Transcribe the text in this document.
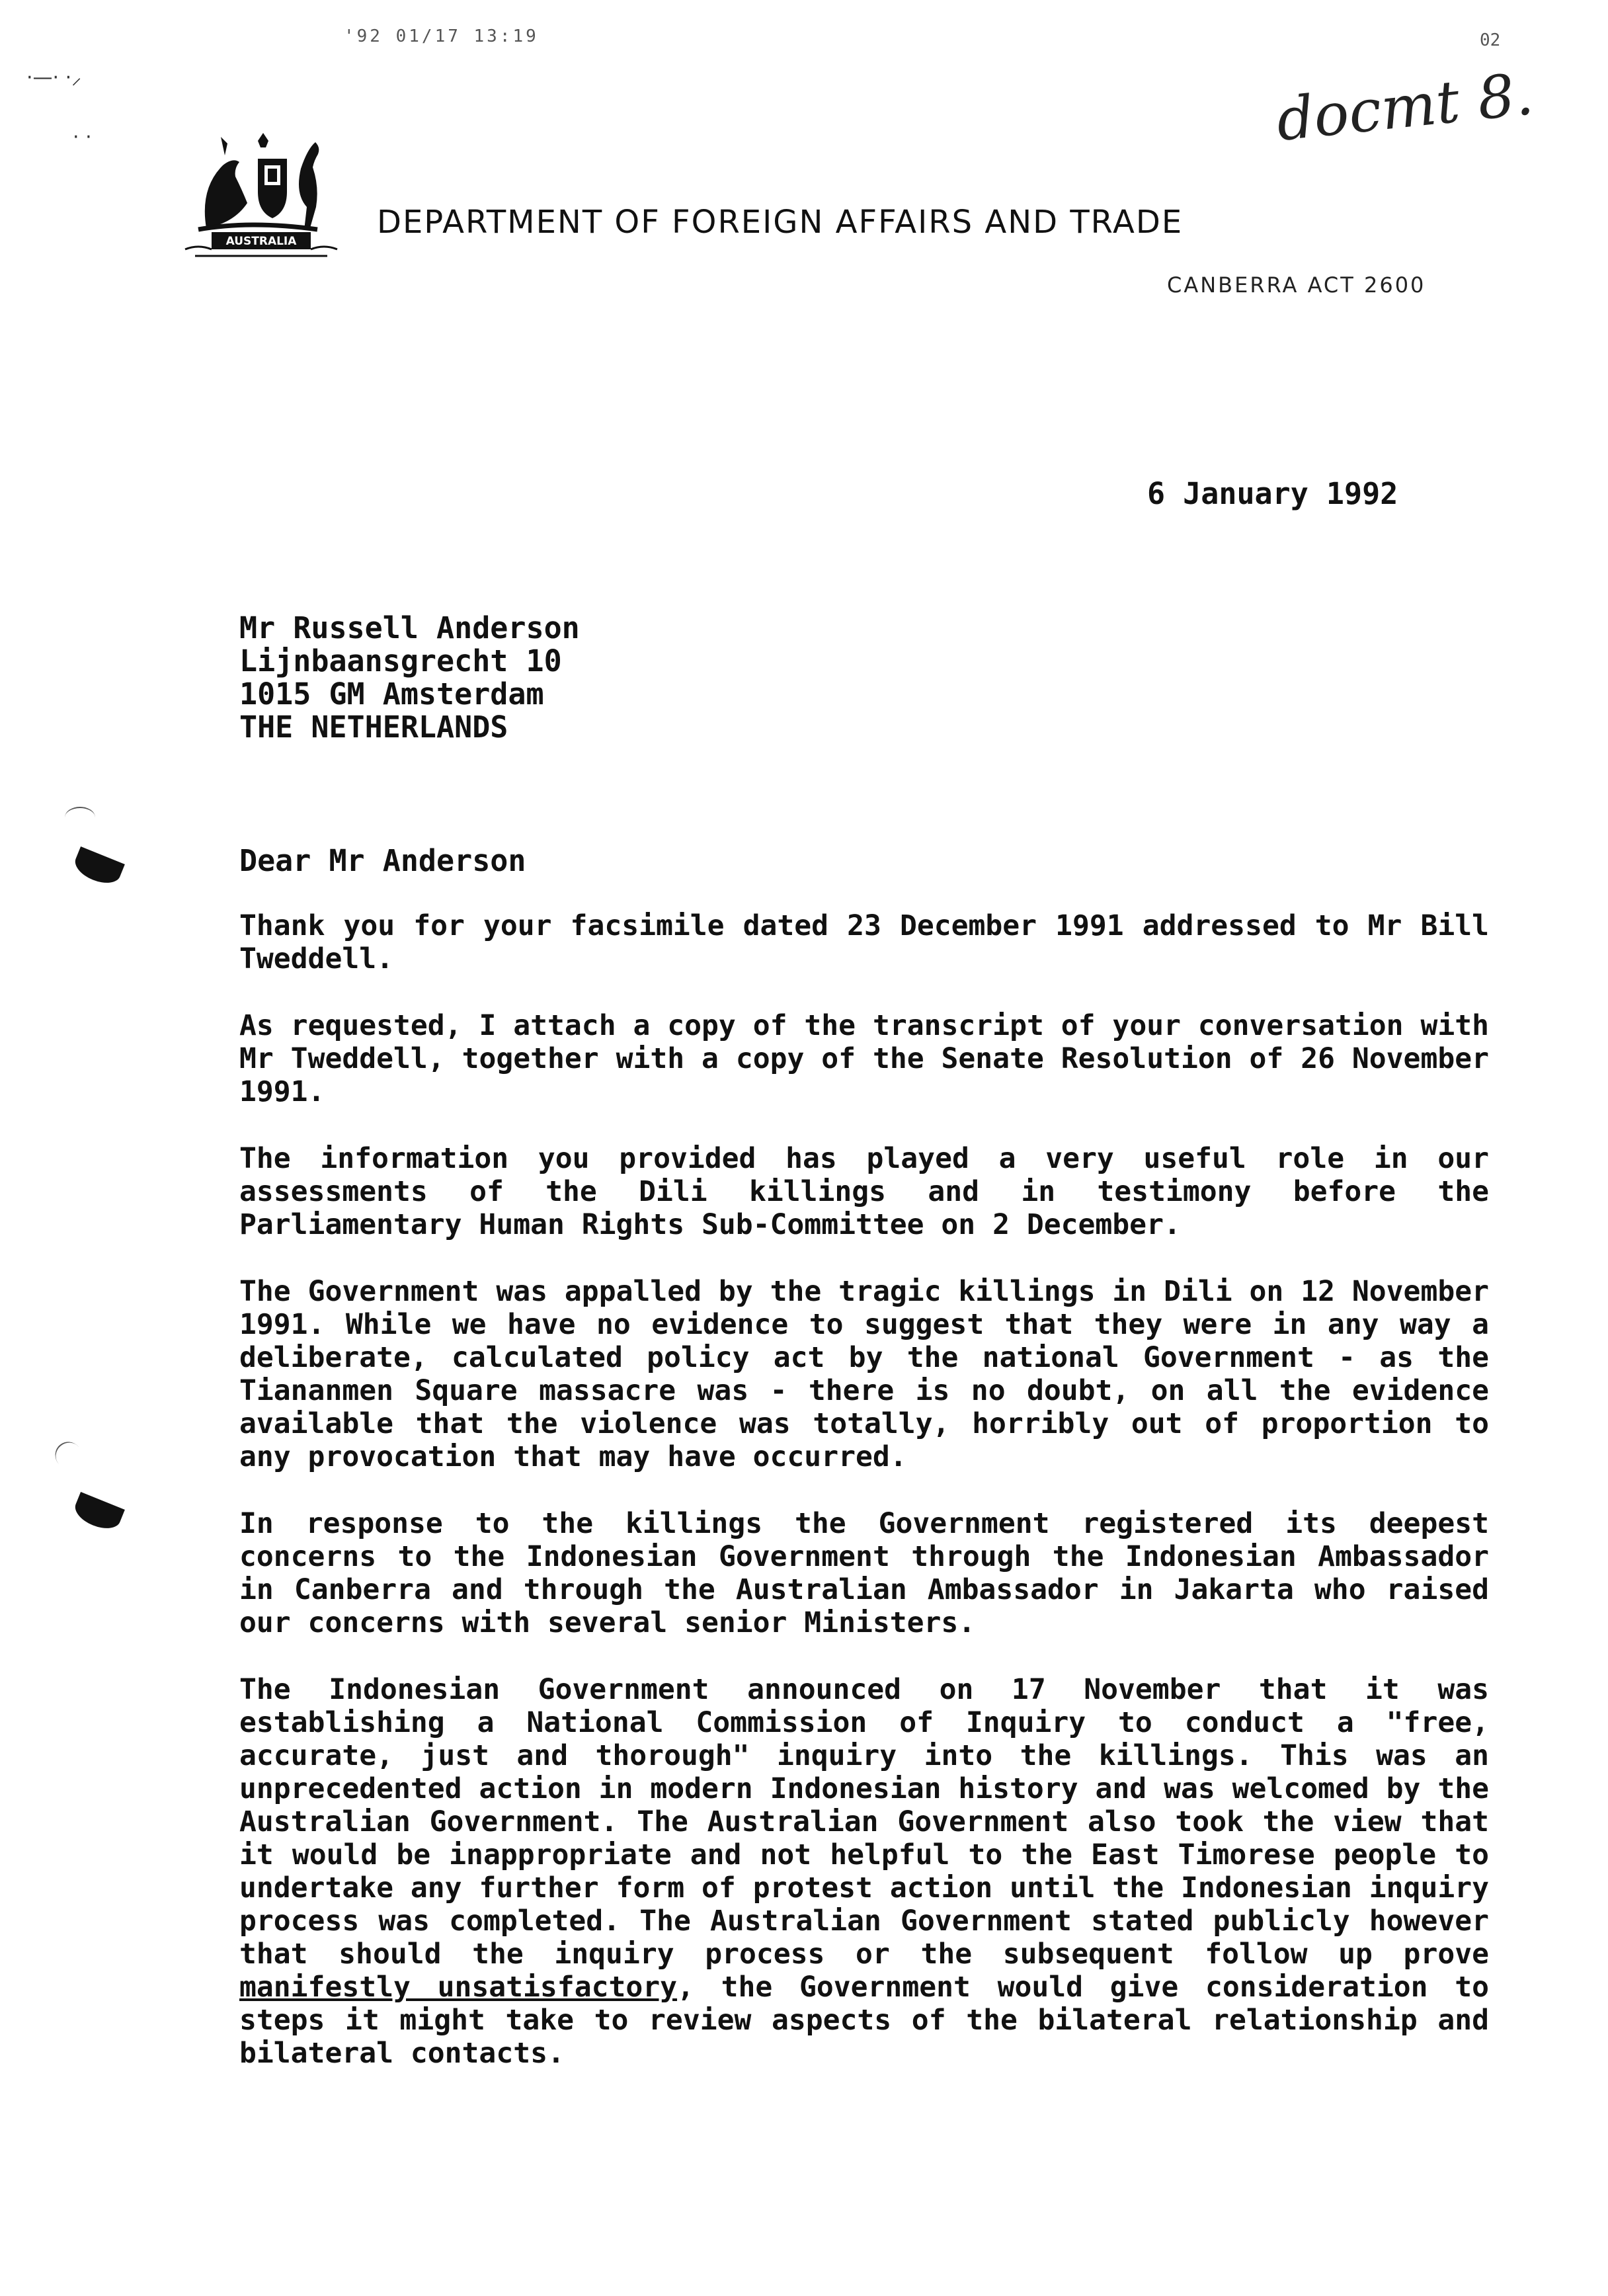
'92 01/17 13:19	02
docmt 8.
·—· ·⸝
· ·
AUSTRALIA
DEPARTMENT OF FOREIGN AFFAIRS AND TRADE
CANBERRA ACT 2600
6 January 1992
Mr Russell Anderson
Lijnbaansgrecht 10
1015 GM Amsterdam
THE NETHERLANDS
Dear Mr Anderson

Thank you for your facsimile dated 23 December 1991 addressed to Mr Bill Tweddell.

As requested, I attach a copy of the transcript of your conversation with Mr Tweddell, together with a copy of the Senate Resolution of 26 November 1991.

The information you provided has played a very useful role in our assessments of the Dili killings and in testimony before the Parliamentary Human Rights Sub-Committee on 2 December.

The Government was appalled by the tragic killings in Dili on 12 November 1991. While we have no evidence to suggest that they were in any way a deliberate, calculated policy act by the national Government - as the Tiananmen Square massacre was - there is no doubt, on all the evidence available that the violence was totally, horribly out of proportion to any provocation that may have occurred.

In response to the killings the Government registered its deepest concerns to the Indonesian Government through the Indonesian Ambassador in Canberra and through the Australian Ambassador in Jakarta who raised our concerns with several senior Ministers.

The Indonesian Government announced on 17 November that it was establishing a National Commission of Inquiry to conduct a "free, accurate, just and thorough" inquiry into the killings. This was an unprecedented action in modern Indonesian history and was welcomed by the Australian Government. The Australian Government also took the view that it would be inappropriate and not helpful to the East Timorese people to undertake any further form of protest action until the Indonesian inquiry process was completed. The Australian Government stated publicly however that should the inquiry process or the subsequent follow up prove manifestly unsatisfactory, the Government would give consideration to steps it might take to review aspects of the bilateral relationship and bilateral contacts.
